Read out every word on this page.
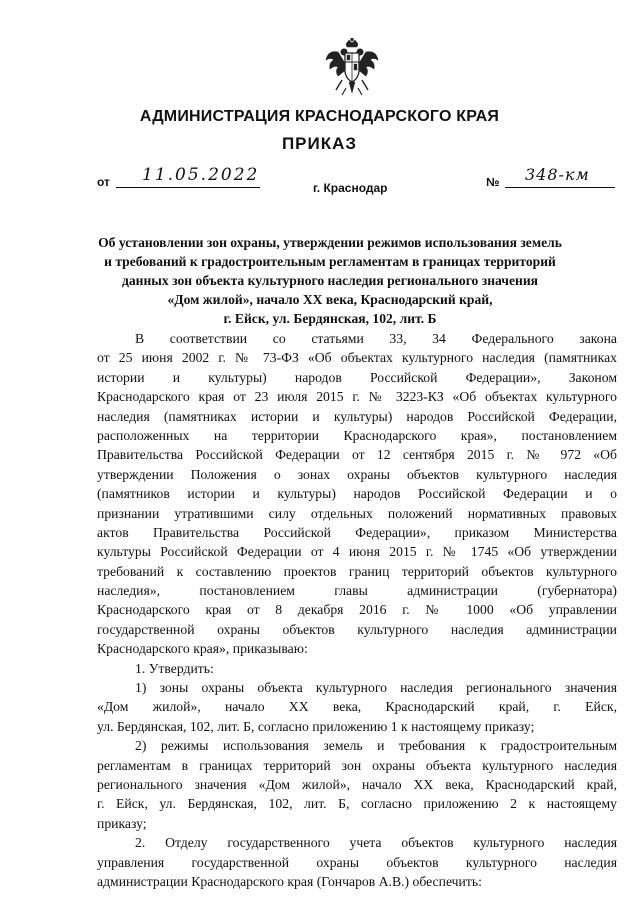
АДМИНИСТРАЦИЯ КРАСНОДАРСКОГО КРАЯ
ПРИКАЗ
от 11.05.2022
г. Краснодар	№ 348-км
Об установлении зон охраны, утверждении режимов использования земель
и требований к градостроительным регламентам в границах территорий
данных зон объекта культурного наследия регионального значения
«Дом жилой», начало XX века, Краснодарский край,
г. Ейск, ул. Бердянская, 102, лит. Б
В соответствии со статьями 33, 34 Федерального закона
от 25 июня 2002 г. № 73-ФЗ «Об объектах культурного наследия (памятниках
истории и культуры) народов Российской Федерации», Законом
Краснодарского края от 23 июля 2015 г. № 3223-КЗ «Об объектах культурного
наследия (памятниках истории и культуры) народов Российской Федерации,
расположенных на территории Краснодарского края», постановлением
Правительства Российской Федерации от 12 сентября 2015 г. № 972 «Об
утверждении Положения о зонах охраны объектов культурного наследия
(памятников истории и культуры) народов Российской Федерации и о
признании утратившими силу отдельных положений нормативных правовых
актов Правительства Российской Федерации», приказом Министерства
культуры Российской Федерации от 4 июня 2015 г. № 1745 «Об утверждении
требований к составлению проектов границ территорий объектов культурного
наследия», постановлением главы администрации (губернатора)
Краснодарского края от 8 декабря 2016 г. № 1000 «Об управлении
государственной охраны объектов культурного наследия администрации
Краснодарского края», приказываю:
1. Утвердить:
1) зоны охраны объекта культурного наследия регионального значения
«Дом жилой», начало XX века, Краснодарский край, г. Ейск,
ул. Бердянская, 102, лит. Б, согласно приложению 1 к настоящему приказу;
2) режимы использования земель и требования к градостроительным
регламентам в границах территорий зон охраны объекта культурного наследия
регионального значения «Дом жилой», начало XX века, Краснодарский край,
г. Ейск, ул. Бердянская, 102, лит. Б, согласно приложению 2 к настоящему
приказу;
2. Отделу государственного учета объектов культурного наследия
управления государственной охраны объектов культурного наследия
администрации Краснодарского края (Гончаров А.В.) обеспечить:
